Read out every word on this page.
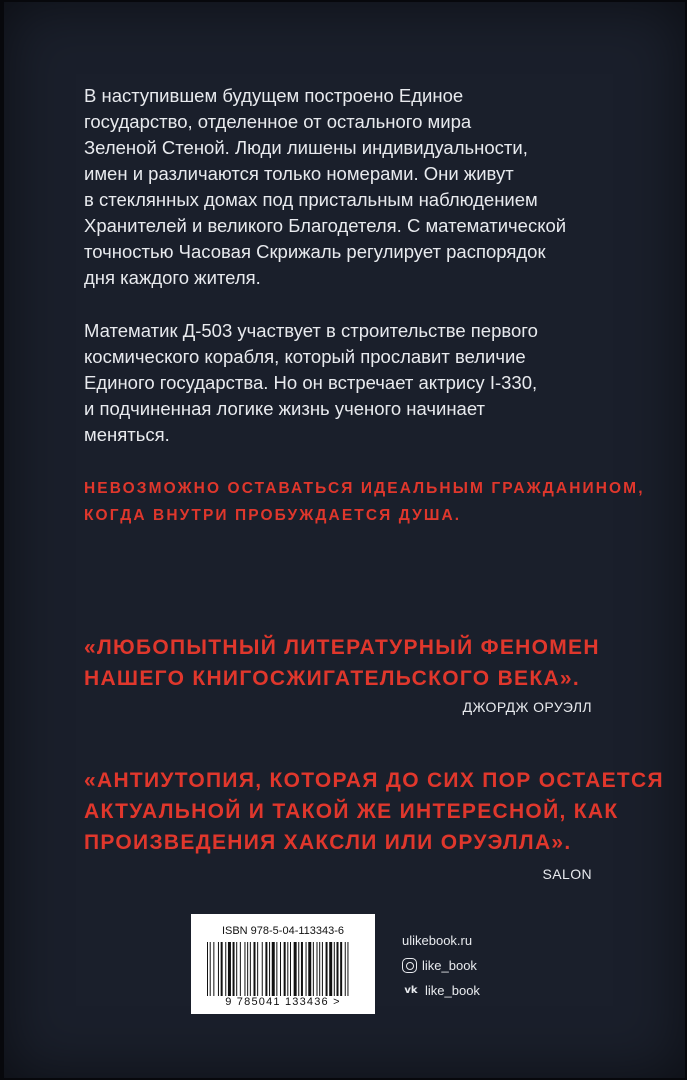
В наступившем будущем построено Единое
государство, отделенное от остального мира
Зеленой Стеной. Люди лишены индивидуальности,
имен и различаются только номерами. Они живут
в стеклянных домах под пристальным наблюдением
Хранителей и великого Благодетеля. С математической
точностью Часовая Скрижаль регулирует распорядок
дня каждого жителя.

Математик Д-503 участвует в строительстве первого
космического корабля, который прославит величие
Единого государства. Но он встречает актрису I-330,
и подчиненная логике жизнь ученого начинает
меняться.

НЕВОЗМОЖНО ОСТАВАТЬСЯ ИДЕАЛЬНЫМ ГРАЖДАНИНОМ,
КОГДА ВНУТРИ ПРОБУЖДАЕТСЯ ДУША.
«ЛЮБОПЫТНЫЙ ЛИТЕРАТУРНЫЙ ФЕНОМЕН
НАШЕГО КНИГОСЖИГАТЕЛЬСКОГО ВЕКА».
ДЖОРДЖ ОРУЭЛЛ
«АНТИУТОПИЯ, КОТОРАЯ ДО СИХ ПОР ОСТАЕТСЯ
АКТУАЛЬНОЙ И ТАКОЙ ЖЕ ИНТЕРЕСНОЙ, КАК
ПРОИЗВЕДЕНИЯ ХАКСЛИ ИЛИ ОРУЭЛЛА».
SALON
ISBN 978-5-04-113343-6
9 785041 133436 >
ulikebook.ru
like_book
vk like_book
